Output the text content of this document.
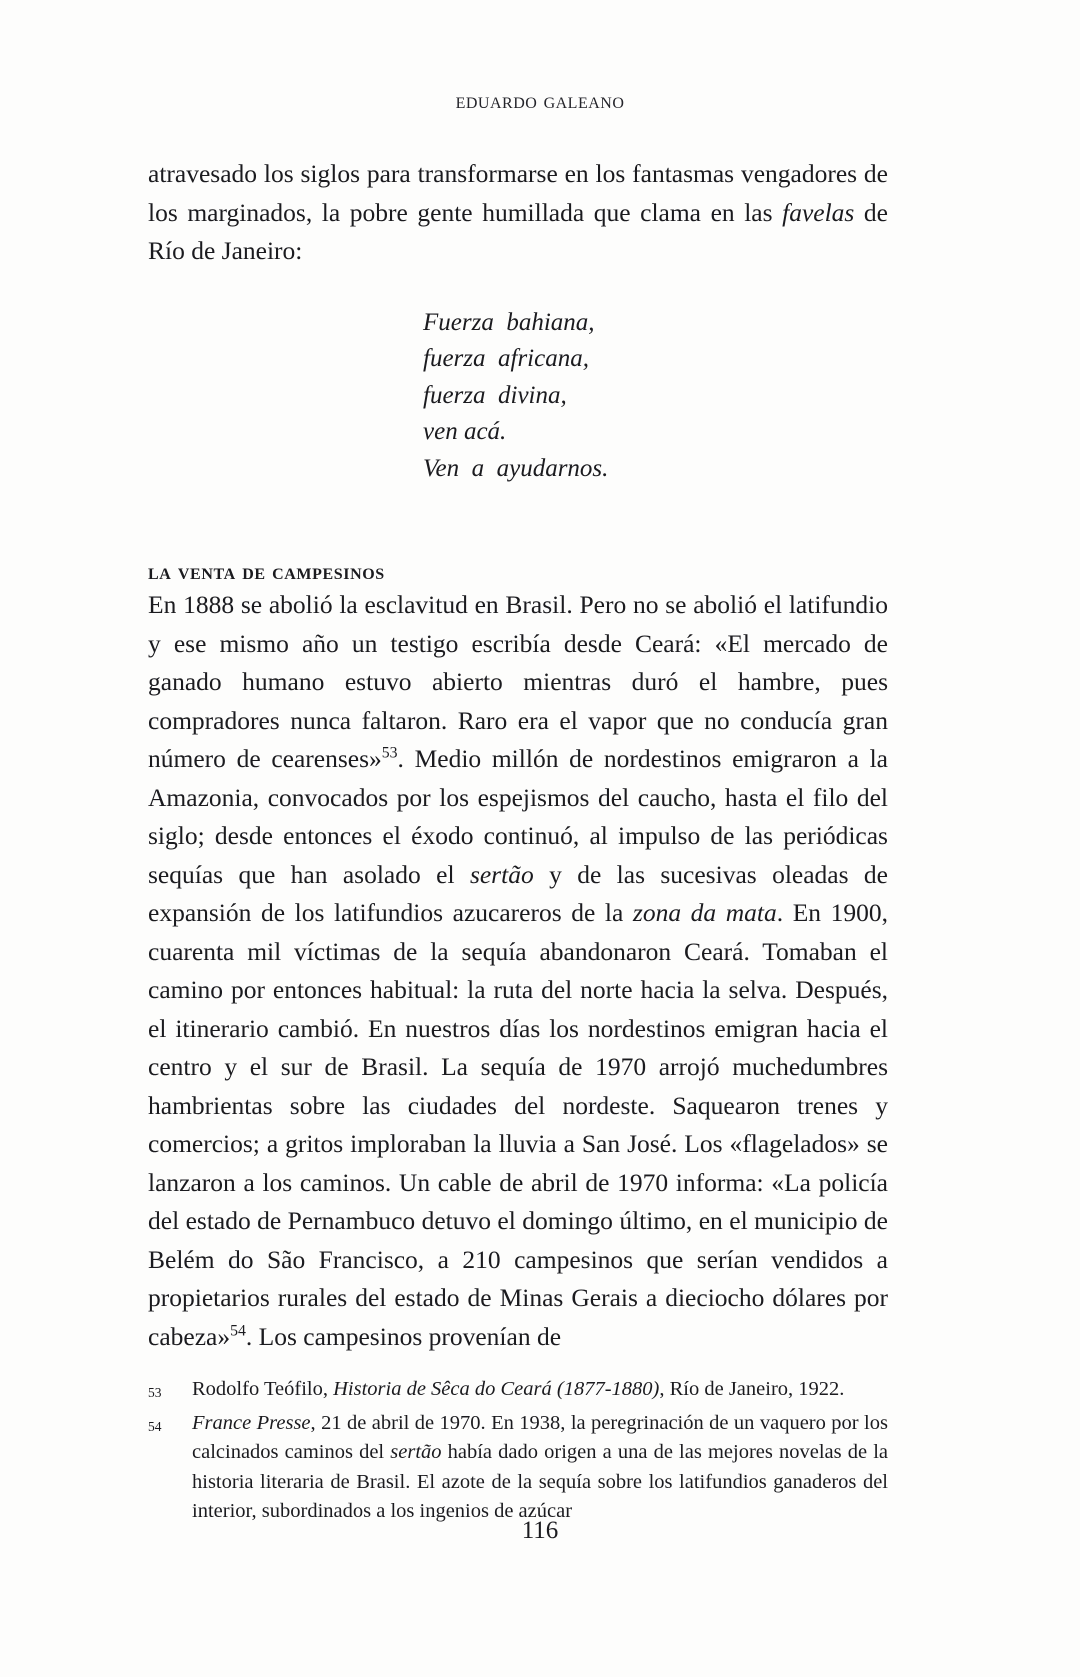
eduardo galeano

atravesado los siglos para transformarse en los fantasmas vengadores de los marginados, la pobre gente humillada que clama en las favelas de Río de Janeiro:

Fuerza  bahiana,
fuerza  africana,
fuerza  divina,
ven acá.
Ven  a  ayudarnos.
la venta de campesinos

En 1888 se abolió la esclavitud en Brasil. Pero no se abolió el latifundio y ese mismo año un testigo escribía desde Ceará: «El mercado de ganado humano estuvo abierto mientras duró el hambre, pues compradores nunca faltaron. Raro era el vapor que no conducía gran número de cearenses»$^{53}$. Medio millón de nordestinos emigraron a la Amazonia, convocados por los espejismos del caucho, hasta el filo del siglo; desde entonces el éxodo continuó, al impulso de las periódicas sequías que han asolado el sertão y de las sucesivas oleadas de expansión de los latifundios azucareros de la zona da mata. En 1900, cuarenta mil víctimas de la sequía abandonaron Ceará. Tomaban el camino por entonces habitual: la ruta del norte hacia la selva. Después, el itinerario cambió. En nuestros días los nordestinos emigran hacia el centro y el sur de Brasil. La sequía de 1970 arrojó muchedumbres hambrientas sobre las ciudades del nordeste. Saquearon trenes y comercios; a gritos imploraban la lluvia a San José. Los «flagelados» se lanzaron a los caminos. Un cable de abril de 1970 informa: «La policía del estado de Pernambuco detuvo el domingo último, en el municipio de Belém do São Francisco, a 210 campesinos que serían vendidos a propietarios rurales del estado de Minas Gerais a dieciocho dólares por cabeza»$^{54}$. Los campesinos provenían de

53	Rodolfo Teófilo, Historia de Sêca do Ceará (1877-1880), Río de Janeiro, 1922.
54	France Presse, 21 de abril de 1970. En 1938, la peregrinación de un vaquero por los calcinados caminos del sertão había dado origen a una de las mejores novelas de la historia literaria de Brasil. El azote de la sequía sobre los latifundios ganaderos del interior, subordinados a los ingenios de azúcar
116
